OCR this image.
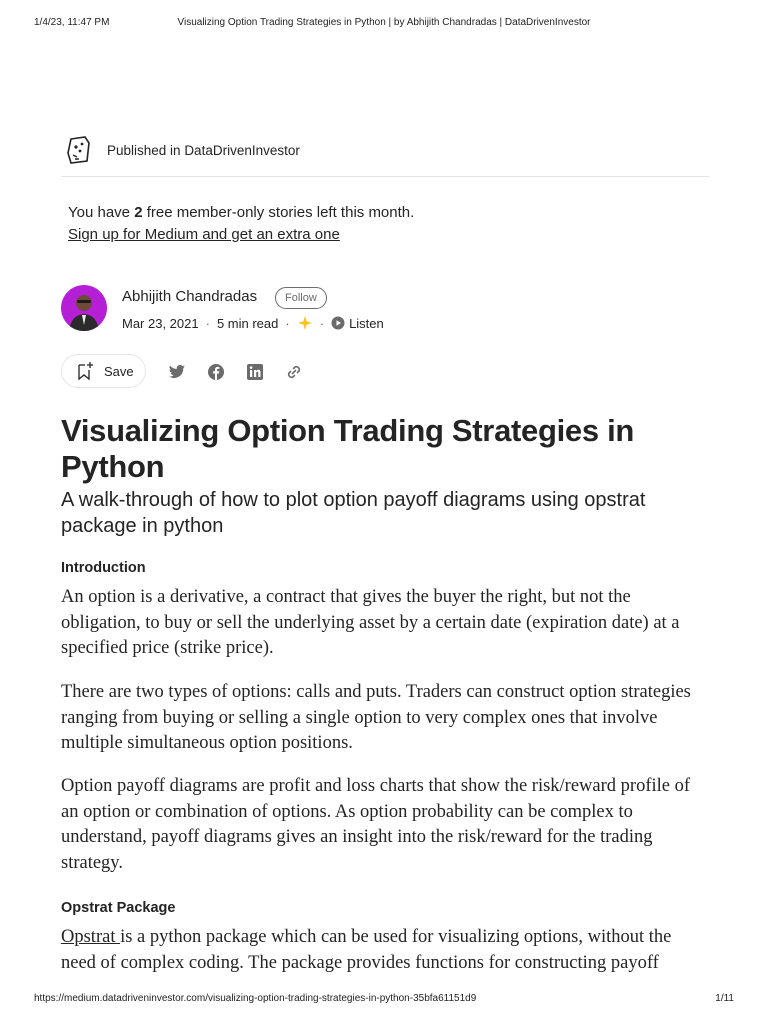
1/4/23, 11:47 PM	Visualizing Option Trading Strategies in Python | by Abhijith Chandradas | DataDrivenInvestor
Published in DataDrivenInvestor
You have 2 free member-only stories left this month.
Sign up for Medium and get an extra one
Abhijith Chandradas	Follow
Mar 23, 2021 · 5 min read · · Listen
Save
Visualizing Option Trading Strategies in Python
A walk-through of how to plot option payoff diagrams using opstrat package in python
Introduction

An option is a derivative, a contract that gives the buyer the right, but not the obligation, to buy or sell the underlying asset by a certain date (expiration date) at a specified price (strike price).

There are two types of options: calls and puts. Traders can construct option strategies ranging from buying or selling a single option to very complex ones that involve multiple simultaneous option positions.

Option payoff diagrams are profit and loss charts that show the risk/reward profile of an option or combination of options. As option probability can be complex to understand, payoff diagrams gives an insight into the risk/reward for the trading strategy.

Opstrat Package

Opstrat is a python package which can be used for visualizing options, without the need of complex coding. The package provides functions for constructing payoff

https://medium.datadriveninvestor.com/visualizing-option-trading-strategies-in-python-35bfa61151d9	1/11
